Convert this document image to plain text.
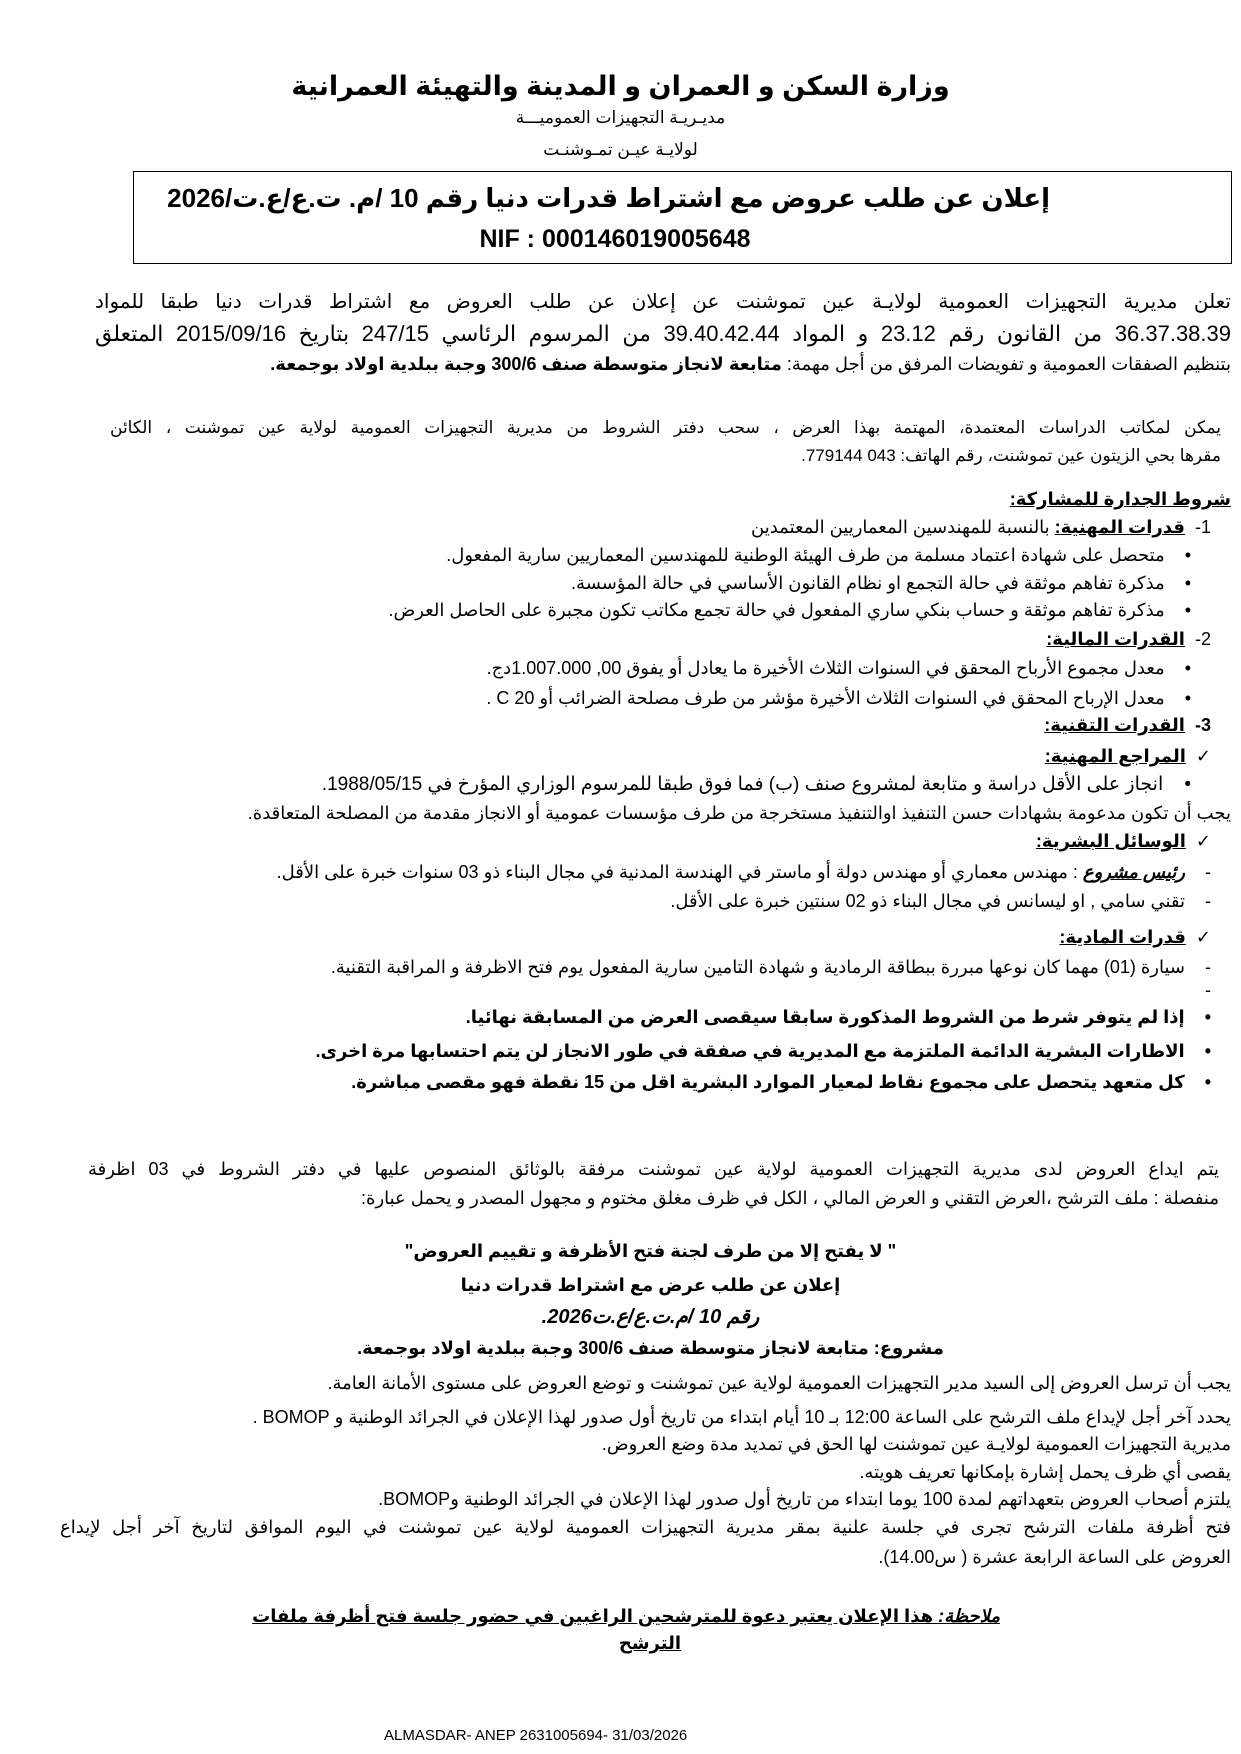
وزارة السكن و العمران و المدينة والتهيئة العمرانية
مديـريـة التجهيزات العموميـــة
لولايـة عيـن تمـوشنـت
إعلان عن طلب عروض مع اشتراط قدرات دنيا رقم 10 /م. ت.ع/ع.ت/2026
NIF : 000146019005648
تعلن مديرية التجهيزات العمومية لولايـة عين تموشنت عن إعلان عن طلب العروض مع اشتراط قدرات دنيا طبقا للمواد
36.37.38.39 من القانون رقم 23.12 و المواد 39.40.42.44 من المرسوم الرئاسي 247/15 بتاريخ 2015/09/16 المتعلق
بتنظيم الصفقات العمومية و تفويضات المرفق من أجل مهمة: متابعة لانجاز متوسطة صنف 300/6 وجبة ببلدية اولاد بوجمعة.
يمكن لمكاتب الدراسات المعتمدة، المهتمة بهذا العرض ، سحب دفتر الشروط من مديرية التجهيزات العمومية لولاية عين تموشنت ، الكائن
مقرها بحي الزيتون عين تموشنت، رقم الهاتف: 043 779144.
شروط الجدارة للمشاركة:
1-  قدرات المهنية: بالنسبة للمهندسين المعماريين المعتمدين
•    متحصل على شهادة اعتماد مسلمة من طرف الهيئة الوطنية للمهندسين المعماريين سارية المفعول.
•    مذكرة تفاهم موثقة في حالة التجمع او نظام القانون الأساسي في حالة المؤسسة.
•    مذكرة تفاهم موثقة و حساب بنكي ساري المفعول في حالة تجمع مكاتب تكون مجبرة على الحاصل العرض.
2-  القدرات المالية:
•    معدل مجموع الأرباح المحقق في السنوات الثلاث الأخيرة ما يعادل أو يفوق 00, 1.007.000دج.
•    معدل الإرباح المحقق في السنوات الثلاث الأخيرة مؤشر من طرف مصلحة الضرائب أو C 20 .
3-  القدرات التقنية:
✓  المراجع المهنية:
•    انجاز على الأقل دراسة و متابعة لمشروع صنف (ب) فما فوق طبقا للمرسوم الوزاري المؤرخ في 1988/05/15.
يجب أن تكون مدعومة بشهادات حسن التنفيذ اوالتنفيذ مستخرجة من طرف مؤسسات عمومية أو الانجاز مقدمة من المصلحة المتعاقدة.
✓  الوسائل البشرية:
-    رئيس مشروع : مهندس معماري أو مهندس دولة أو ماستر في الهندسة المدنية في مجال البناء ذو 03 سنوات خبرة على الأقل.
-    تقني سامي , او ليسانس في مجال البناء ذو 02 سنتين خبرة على الأقل.
✓  قدرات المادية:
-    سيارة (01) مهما كان نوعها مبررة ببطاقة الرمادية و شهادة التامين سارية المفعول يوم فتح الاظرفة و المراقبة التقنية.
-
•    إذا لم يتوفر شرط من الشروط المذكورة سابقا سيقصى العرض من المسابقة نهائيا.
•    الاطارات البشرية الدائمة الملتزمة مع المديرية في صفقة في طور الانجاز لن يتم احتسابها مرة اخرى.
•    كل متعهد يتحصل على مجموع نقاط لمعيار الموارد البشرية اقل من 15 نقطة فهو مقصى مباشرة.
يتم ايداع العروض لدى مديرية التجهيزات العمومية لولاية عين تموشنت مرفقة بالوثائق المنصوص عليها في دفتر الشروط في 03 اظرفة
منفصلة : ملف الترشح ،العرض التقني و العرض المالي ، الكل في ظرف مغلق مختوم و مجهول المصدر و يحمل عبارة:
" لا يفتح إلا من طرف لجنة فتح الأظرفة و تقييم العروض"
إعلان عن طلب عرض مع اشتراط قدرات دنيا
رقم 10 /م.ت.ع/ع.ت2026.
مشروع: متابعة لانجاز متوسطة صنف 300/6 وجبة ببلدية اولاد بوجمعة.
يجب أن ترسل العروض إلى السيد مدير التجهيزات العمومية لولاية عين تموشنت و توضع العروض على مستوى الأمانة العامة.
يحدد آخر أجل لإيداع ملف الترشح على الساعة 12:00 بـ 10 أيام ابتداء من تاريخ أول صدور لهذا الإعلان في الجرائد الوطنية و BOMOP .
مديرية التجهيزات العمومية لولايـة عين تموشنت لها الحق في تمديد مدة وضع العروض.
يقصى أي ظرف يحمل إشارة بإمكانها تعريف هويته.
يلتزم أصحاب العروض بتعهداتهم لمدة 100 يوما ابتداء من تاريخ أول صدور لهذا الإعلان في الجرائد الوطنية وBOMOP.
فتح أظرفة ملفات الترشح تجرى في جلسة علنية بمقر مديرية التجهيزات العمومية لولاية عين تموشنت في اليوم الموافق لتاريخ آخر أجل لإيداع
العروض على الساعة الرابعة عشرة ( س14.00).
ملاحظة: هذا الإعلان يعتبر دعوة للمترشحين الراغبين في حضور جلسة فتح أظرفة ملفات
الترشح
ALMASDAR- ANEP 2631005694- 31/03/2026
